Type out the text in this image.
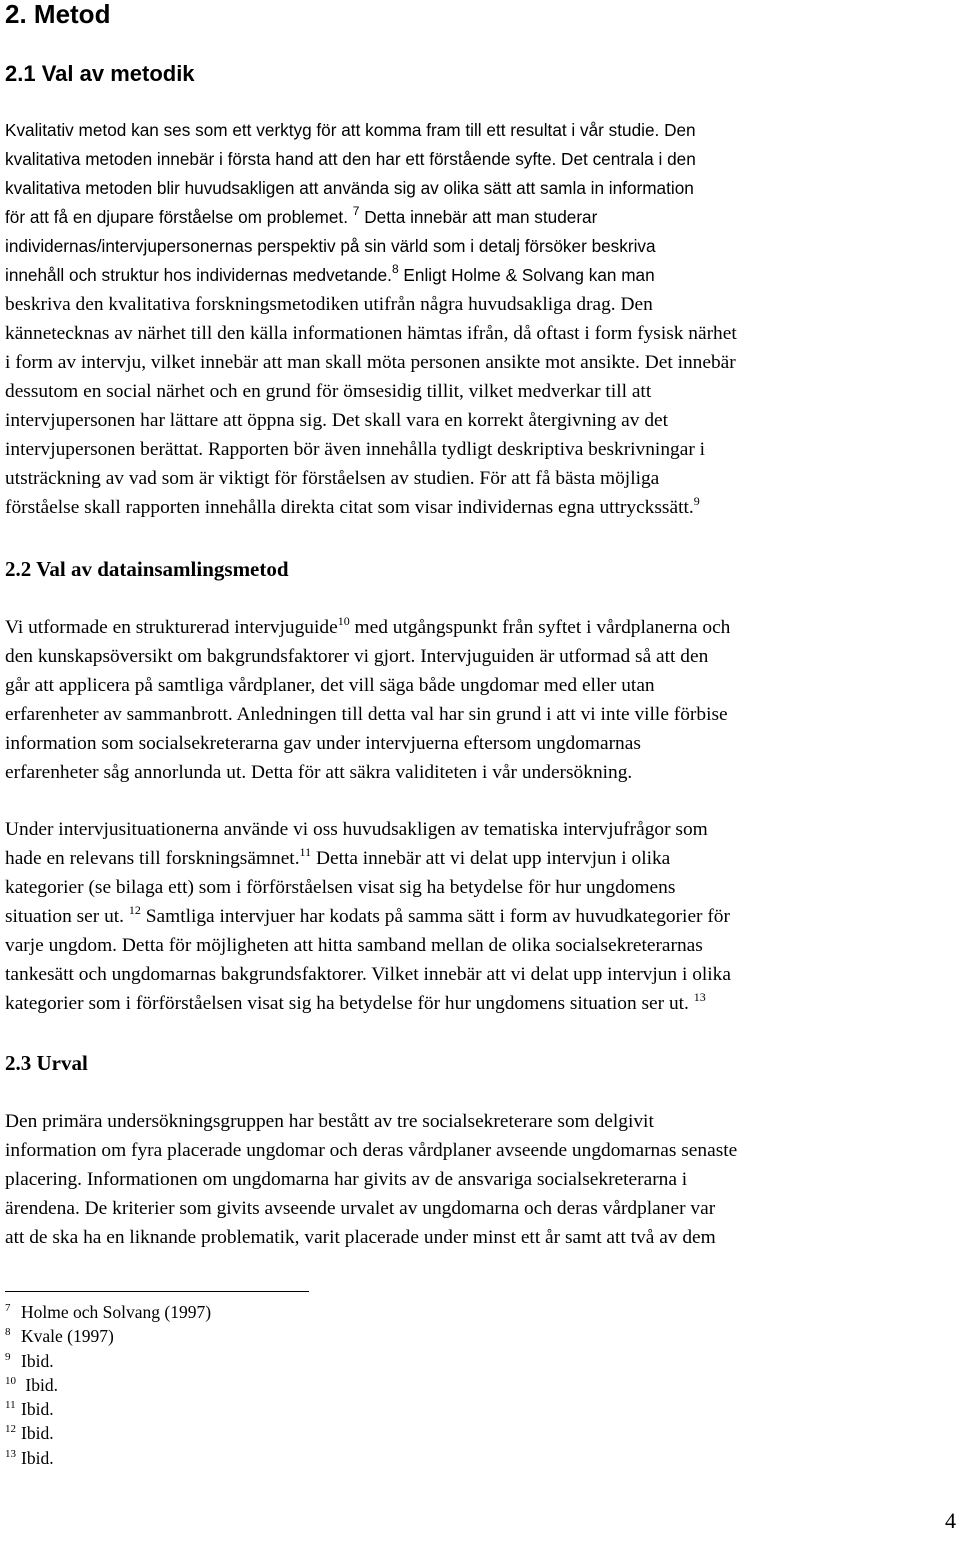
2. Metod
2.1 Val av metodik
Kvalitativ metod kan ses som ett verktyg för att komma fram till ett resultat i vår studie. Den
kvalitativa metoden innebär i första hand att den har ett förstående syfte. Det centrala i den
kvalitativa metoden blir huvudsakligen att använda sig av olika sätt att samla in information
för att få en djupare förståelse om problemet. $^7$ Detta innebär att man studerar
individernas/intervjupersonernas perspektiv på sin värld som i detalj försöker beskriva
innehåll och struktur hos individernas medvetande.$^8$ Enligt Holme & Solvang kan man
beskriva den kvalitativa forskningsmetodiken utifrån några huvudsakliga drag. Den
kännetecknas av närhet till den källa informationen hämtas ifrån, då oftast i form fysisk närhet
i form av intervju, vilket innebär att man skall möta personen ansikte mot ansikte. Det innebär
dessutom en social närhet och en grund för ömsesidig tillit, vilket medverkar till att
intervjupersonen har lättare att öppna sig. Det skall vara en korrekt återgivning av det
intervjupersonen berättat. Rapporten bör även innehålla tydligt deskriptiva beskrivningar i
utsträckning av vad som är viktigt för förståelsen av studien. För att få bästa möjliga
förståelse skall rapporten innehålla direkta citat som visar individernas egna uttryckssätt.$^9$
2.2 Val av datainsamlingsmetod
Vi utformade en strukturerad intervjuguide$^{10}$ med utgångspunkt från syftet i vårdplanerna och
den kunskapsöversikt om bakgrundsfaktorer vi gjort. Intervjuguiden är utformad så att den
går att applicera på samtliga vårdplaner, det vill säga både ungdomar med eller utan
erfarenheter av sammanbrott. Anledningen till detta val har sin grund i att vi inte ville förbise
information som socialsekreterarna gav under intervjuerna eftersom ungdomarnas
erfarenheter såg annorlunda ut. Detta för att säkra validiteten i vår undersökning.
Under intervjusituationerna använde vi oss huvudsakligen av tematiska intervjufrågor som
hade en relevans till forskningsämnet.$^{11}$ Detta innebär att vi delat upp intervjun i olika
kategorier (se bilaga ett) som i förförståelsen visat sig ha betydelse för hur ungdomens
situation ser ut. $^{12}$ Samtliga intervjuer har kodats på samma sätt i form av huvudkategorier för
varje ungdom. Detta för möjligheten att hitta samband mellan de olika socialsekreterarnas
tankesätt och ungdomarnas bakgrundsfaktorer. Vilket innebär att vi delat upp intervjun i olika
kategorier som i förförståelsen visat sig ha betydelse för hur ungdomens situation ser ut. $^{13}$
2.3 Urval
Den primära undersökningsgruppen har bestått av tre socialsekreterare som delgivit
information om fyra placerade ungdomar och deras vårdplaner avseende ungdomarnas senaste
placering. Informationen om ungdomarna har givits av de ansvariga socialsekreterarna i
ärendena. De kriterier som givits avseende urvalet av ungdomarna och deras vårdplaner var
att de ska ha en liknande problematik, varit placerade under minst ett år samt att två av dem
7 Holme och Solvang (1997)
8 Kvale (1997)
9 Ibid.
10 Ibid.
11 Ibid.
12 Ibid.
13 Ibid.
4
